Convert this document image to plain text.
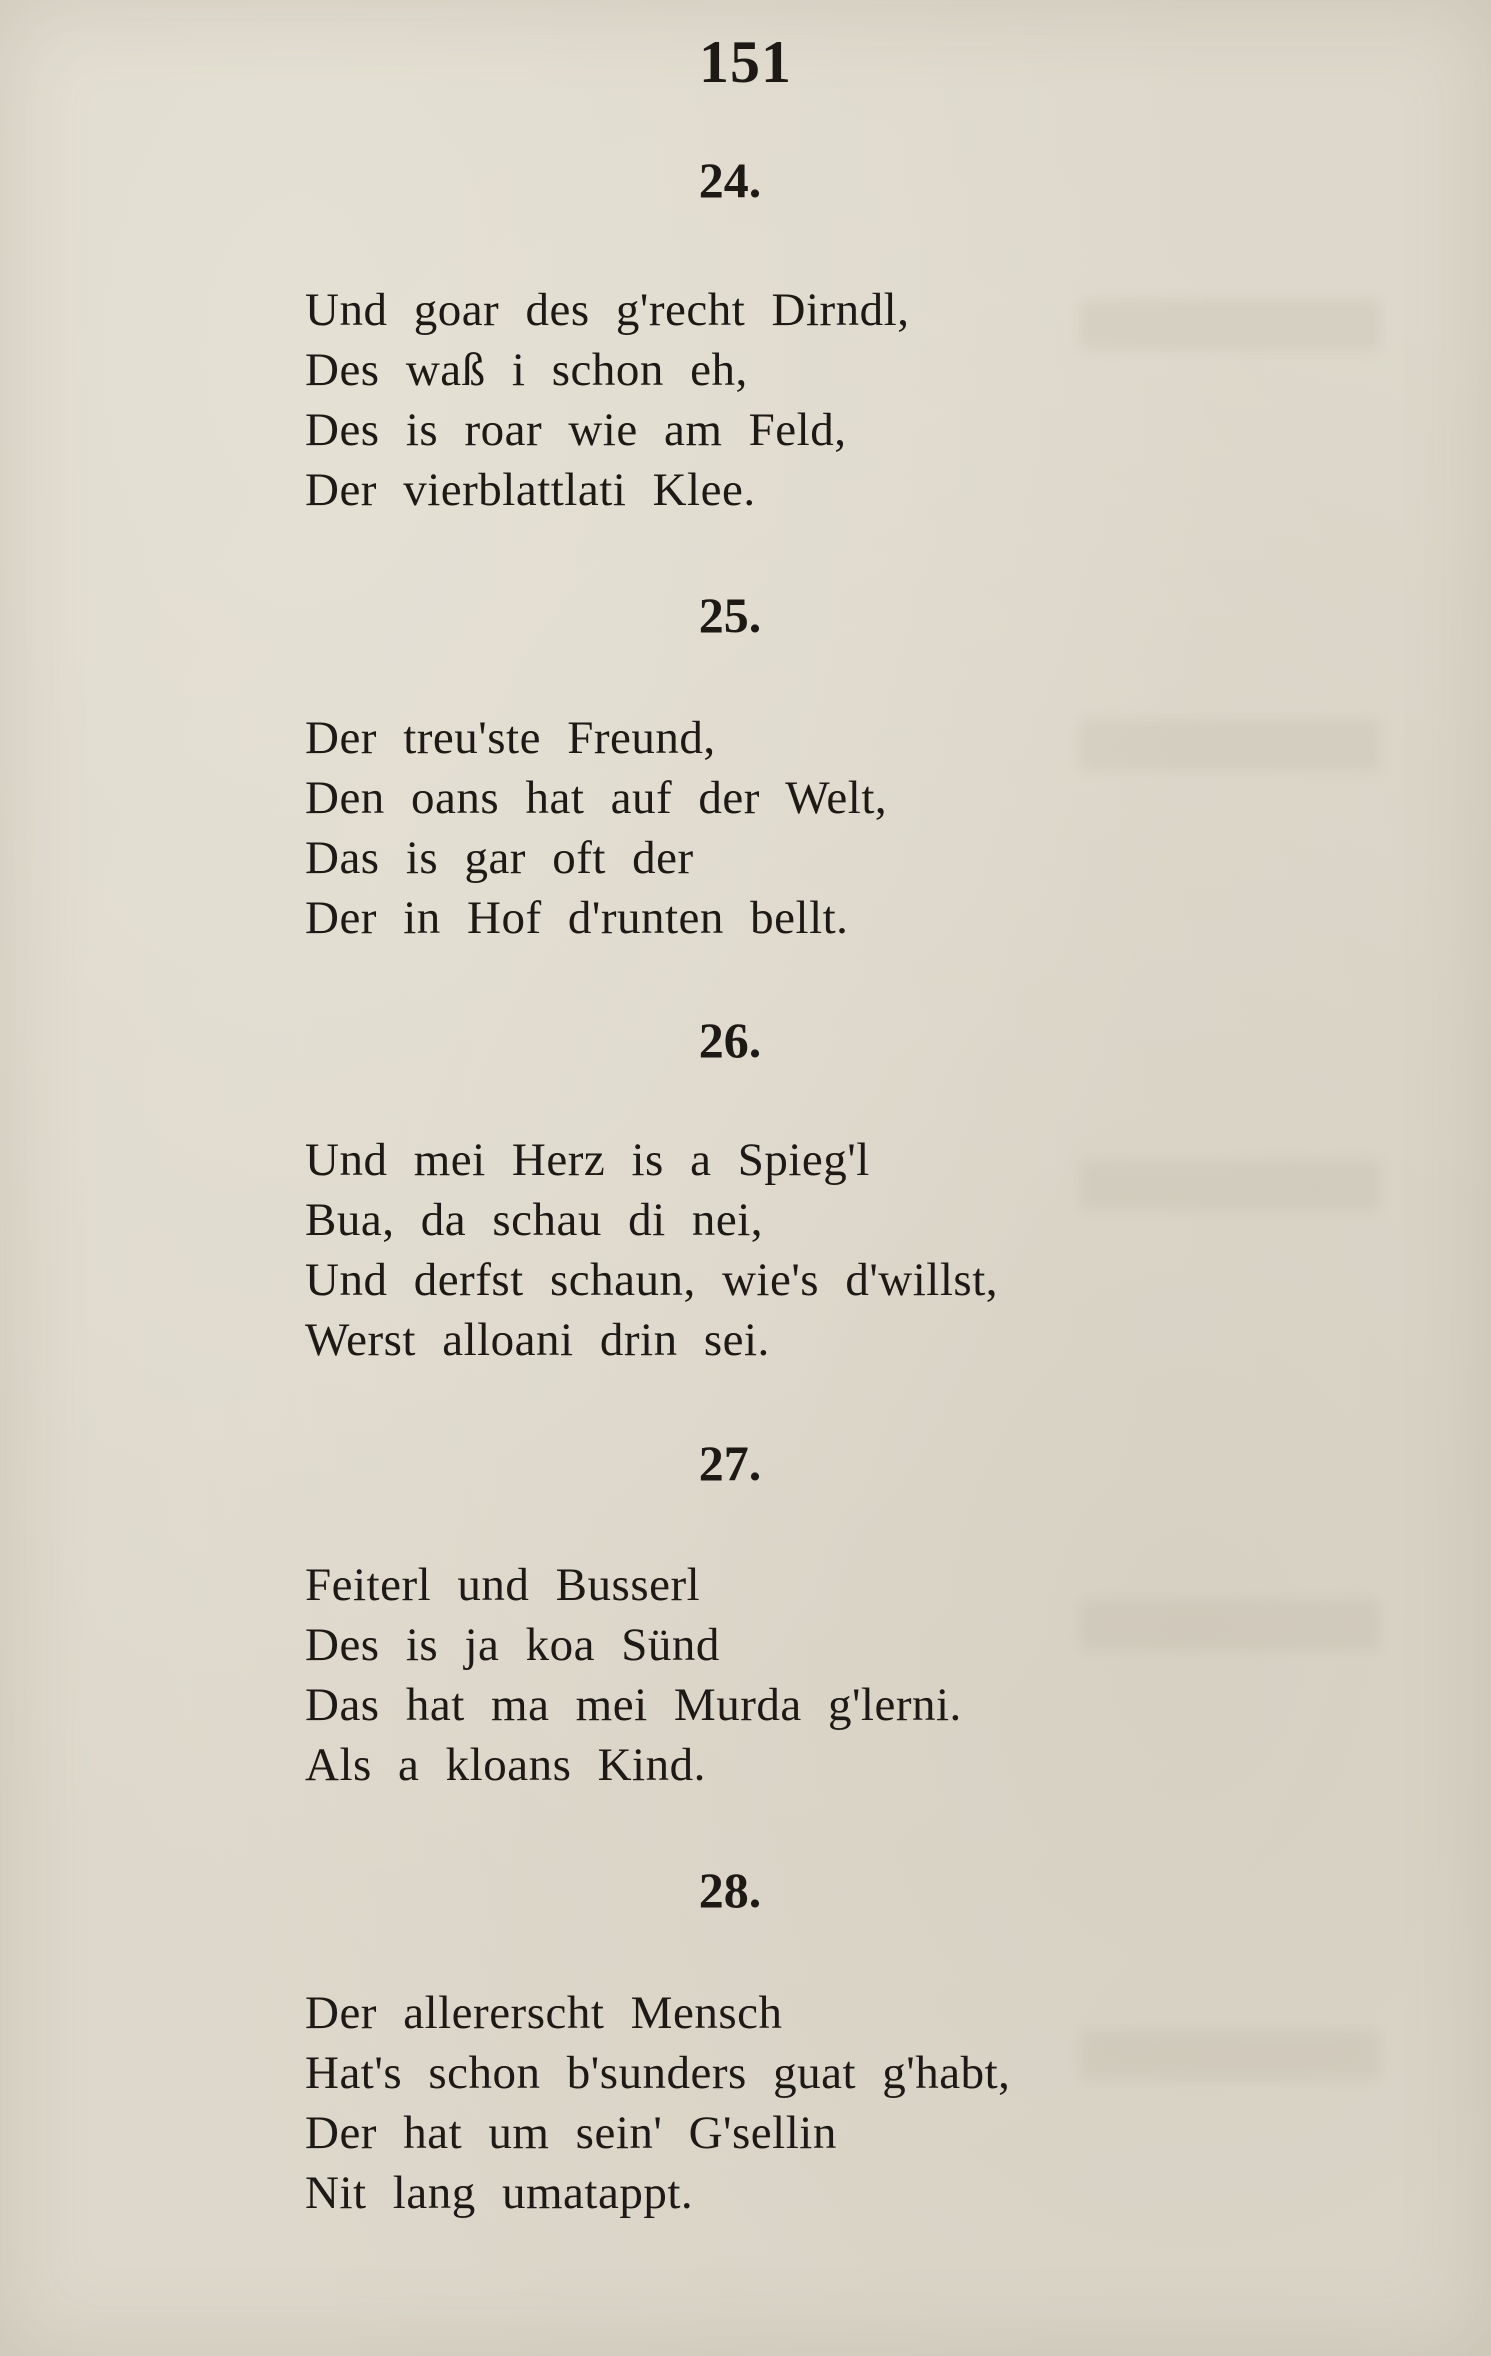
151
24.
Und goar des g'recht Dirndl,
Des waß i schon eh,
Des is roar wie am Feld,
Der vierblattlati Klee.
25.
Der treu'ste Freund,
Den oans hat auf der Welt,
Das is gar oft der
Der in Hof d'runten bellt.
26.
Und mei Herz is a Spieg'l
Bua, da schau di nei,
Und derfst schaun, wie's d'willst,
Werst alloani drin sei.
27.
Feiterl und Busserl
Des is ja koa Sünd
Das hat ma mei Murda g'lerni.
Als a kloans Kind.
28.
Der allererscht Mensch
Hat's schon b'sunders guat g'habt,
Der hat um sein' G'sellin
Nit lang umatappt.
